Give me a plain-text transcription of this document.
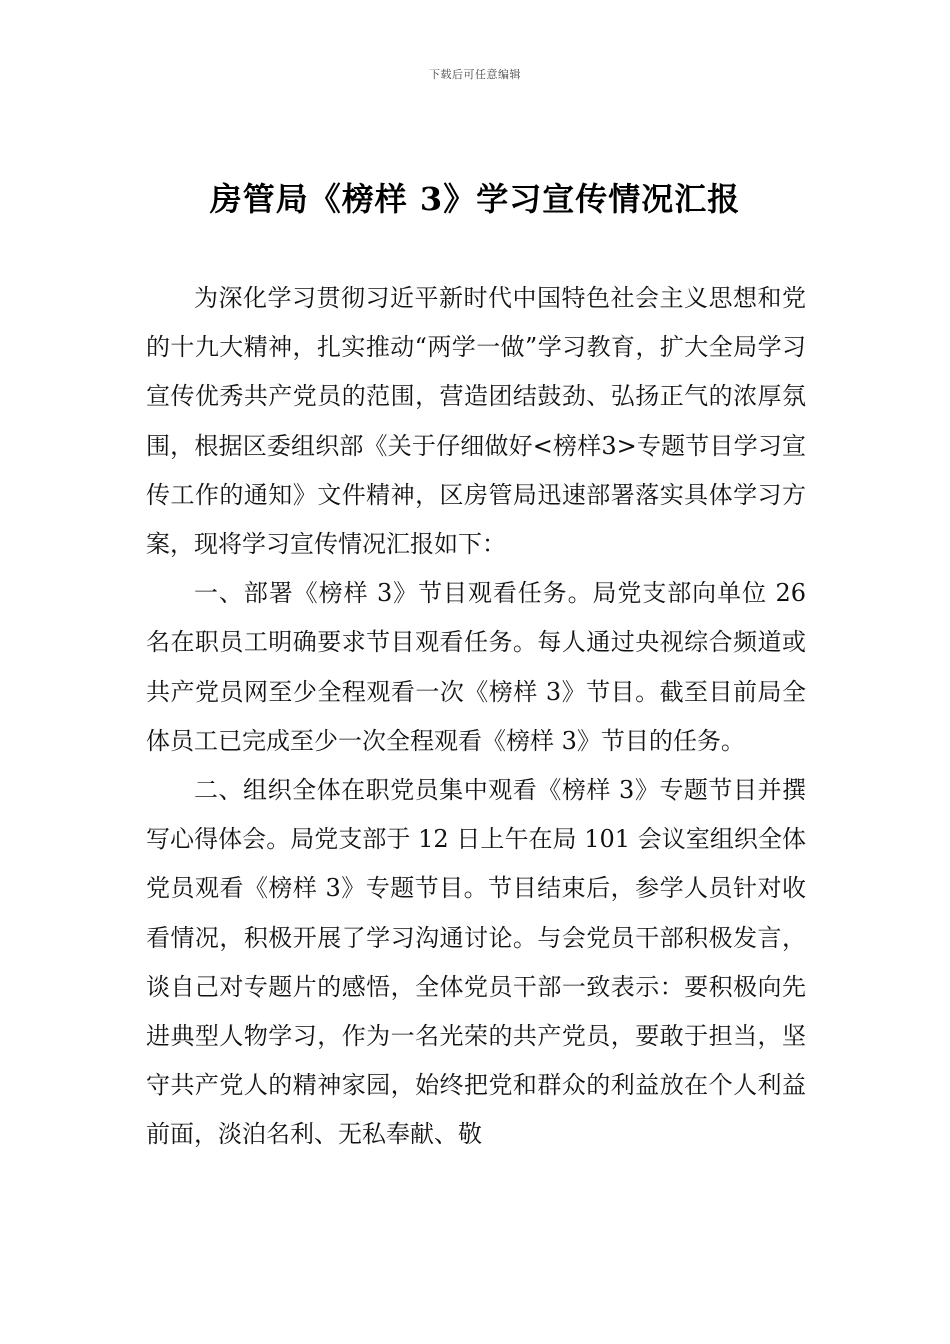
下载后可任意编辑
房管局《榜样 3》学习宣传情况汇报

为深化学习贯彻习近平新时代中国特色社会主义思想和党的十九大精神，扎实推动“两学一做”学习教育，扩大全局学习宣传优秀共产党员的范围，营造团结鼓劲、弘扬正气的浓厚氛围，根据区委组织部《关于仔细做好<榜样3>专题节目学习宣传工作的通知》文件精神，区房管局迅速部署落实具体学习方案，现将学习宣传情况汇报如下：

一、部署《榜样 3》节目观看任务。局党支部向单位 26名在职员工明确要求节目观看任务。每人通过央视综合频道或共产党员网至少全程观看一次《榜样 3》节目。截至目前局全体员工已完成至少一次全程观看《榜样 3》节目的任务。

二、组织全体在职党员集中观看《榜样 3》专题节目并撰写心得体会。局党支部于 12 日上午在局 101 会议室组织全体党员观看《榜样 3》专题节目。节目结束后，参学人员针对收看情况，积极开展了学习沟通讨论。与会党员干部积极发言，谈自己对专题片的感悟，全体党员干部一致表示：要积极向先进典型人物学习，作为一名光荣的共产党员，要敢于担当，坚守共产党人的精神家园，始终把党和群众的利益放在个人利益前面，淡泊名利、无私奉献、敬
